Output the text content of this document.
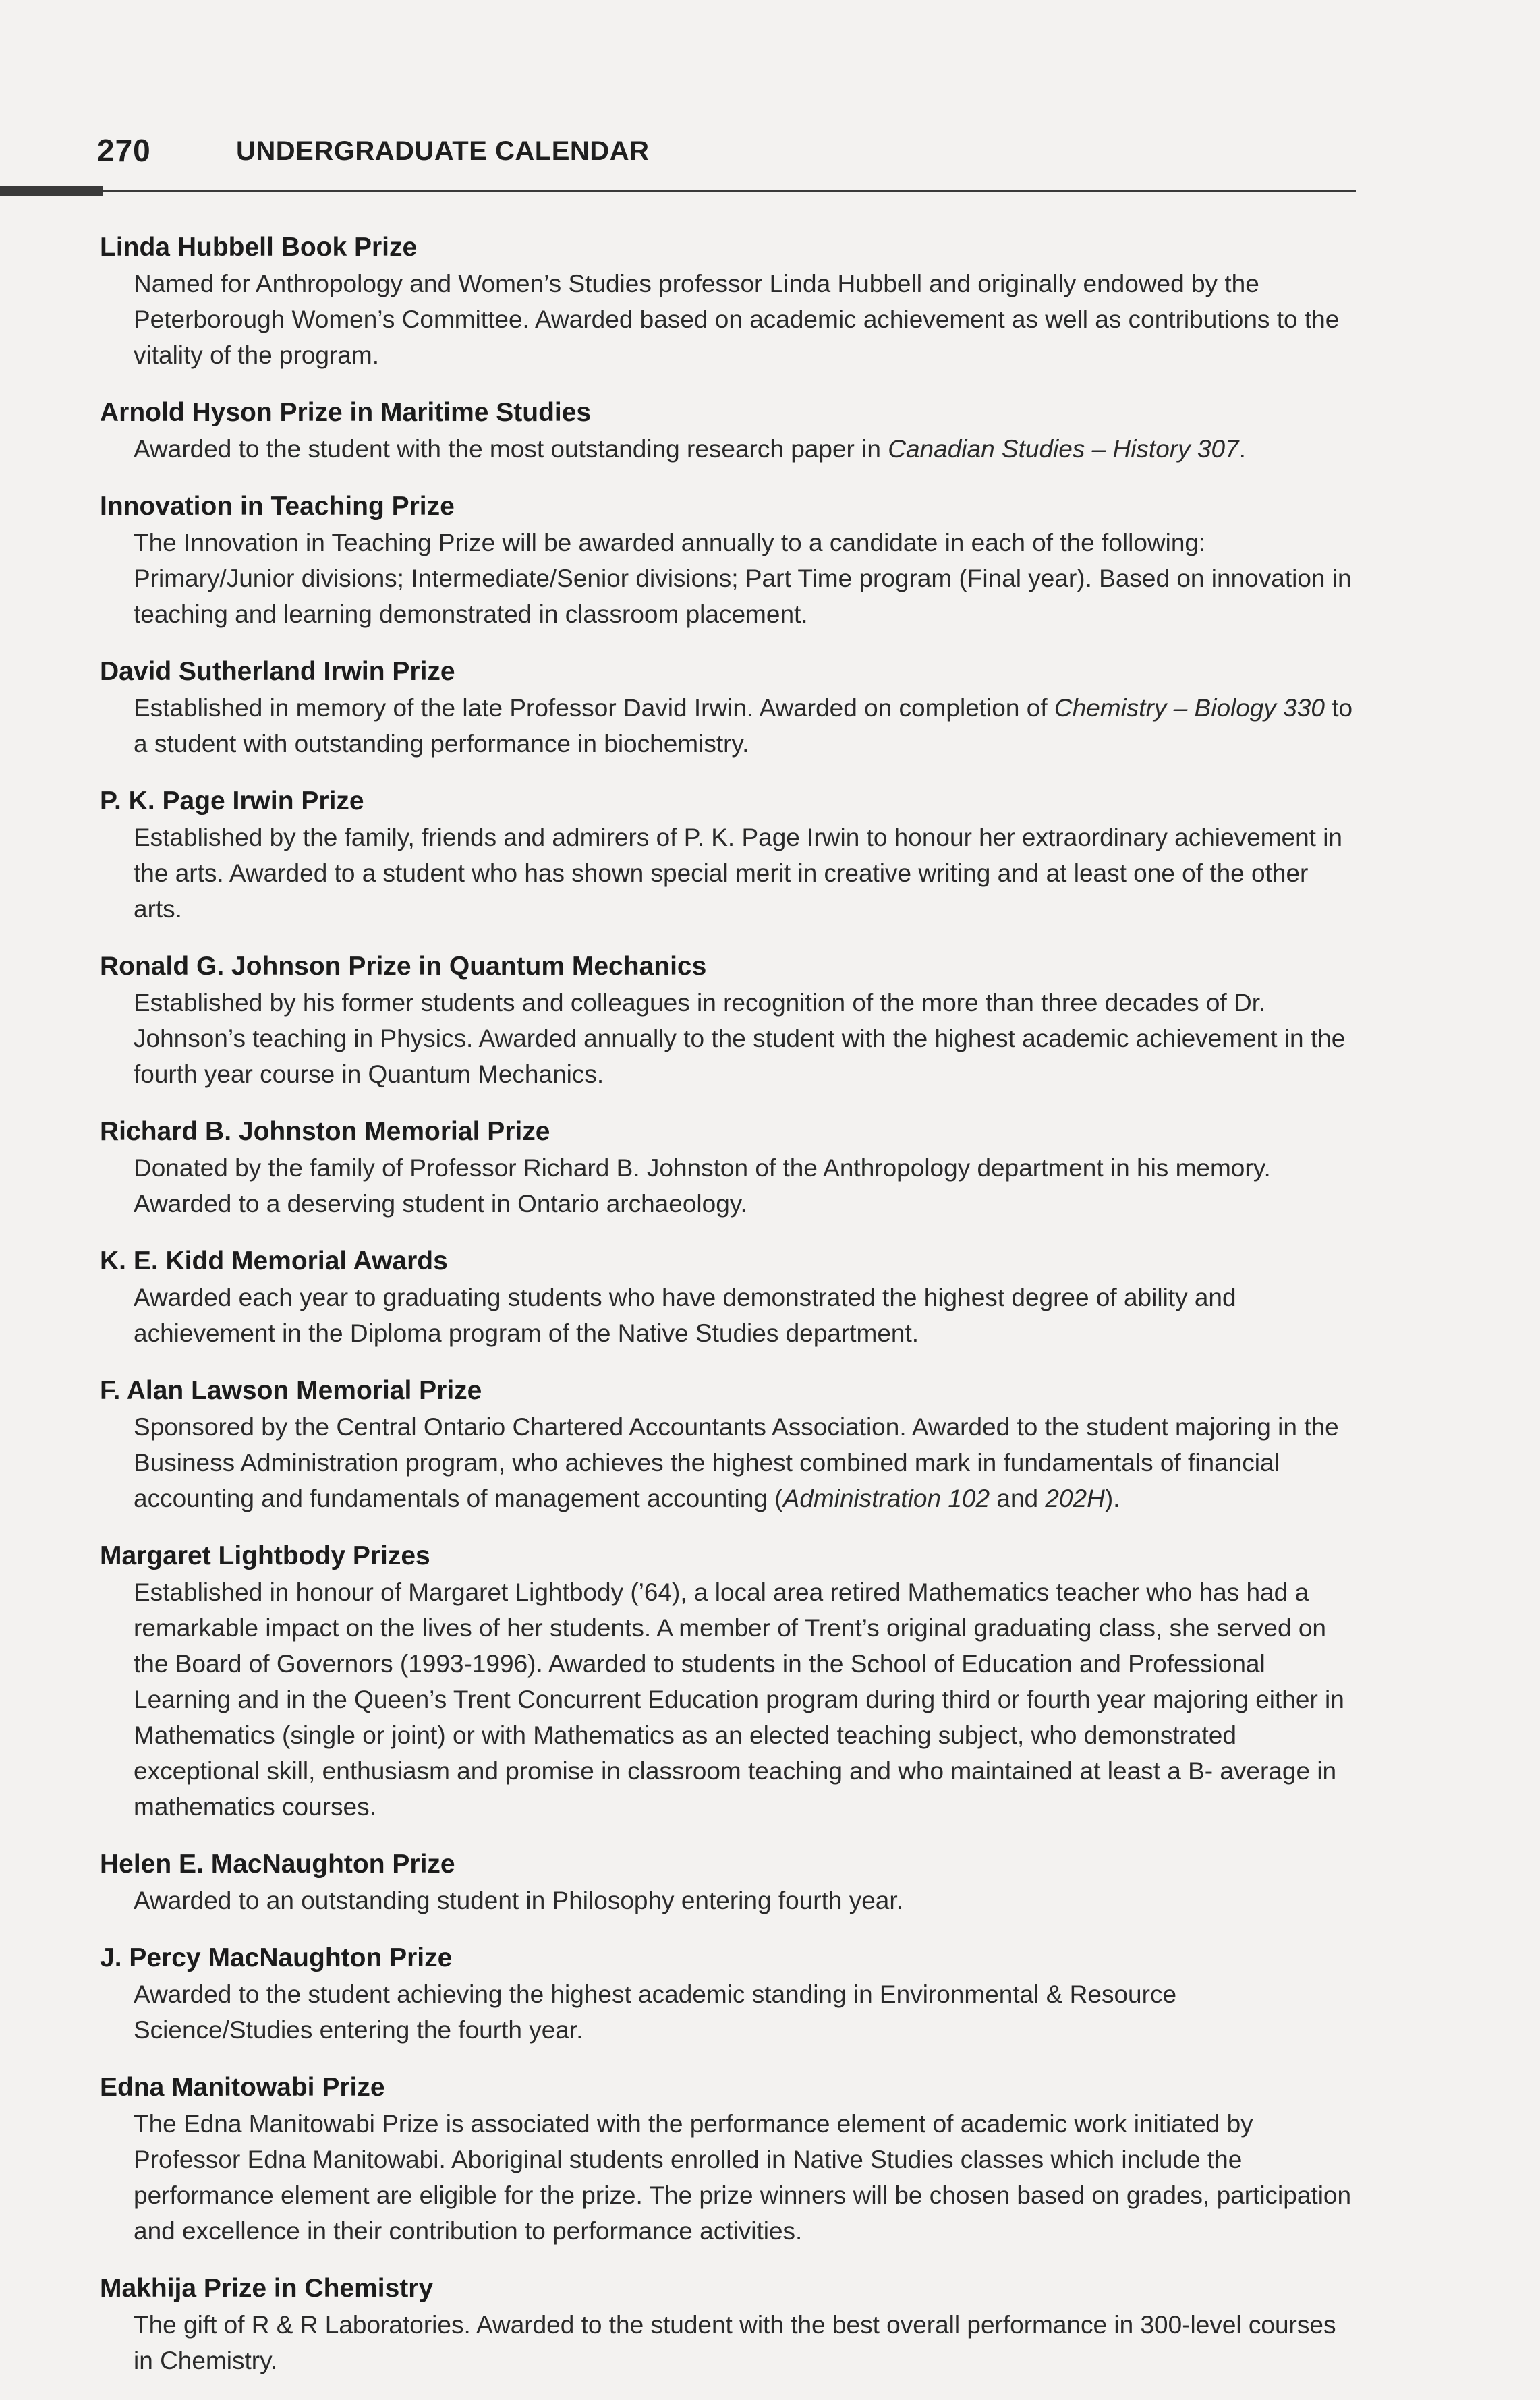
270	UNDERGRADUATE CALENDAR
Linda Hubbell Book Prize
Named for Anthropology and Women’s Studies professor Linda Hubbell and originally endowed by the Peterborough Women’s Committee. Awarded based on academic achievement as well as contributions to the vitality of the program.
Arnold Hyson Prize in Maritime Studies
Awarded to the student with the most outstanding research paper in Canadian Studies – History 307.
Innovation in Teaching Prize
The Innovation in Teaching Prize will be awarded annually to a candidate in each of the following: Primary/Junior divisions; Intermediate/Senior divisions; Part Time program (Final year). Based on innovation in teaching and learning demonstrated in classroom placement.
David Sutherland Irwin Prize
Established in memory of the late Professor David Irwin. Awarded on completion of Chemistry – Biology 330 to a student with outstanding performance in biochemistry.
P. K. Page Irwin Prize
Established by the family, friends and admirers of P. K. Page Irwin to honour her extraordinary achievement in the arts. Awarded to a student who has shown special merit in creative writing and at least one of the other arts.
Ronald G. Johnson Prize in Quantum Mechanics
Established by his former students and colleagues in recognition of the more than three decades of Dr. Johnson’s teaching in Physics. Awarded annually to the student with the highest academic achievement in the fourth year course in Quantum Mechanics.
Richard B. Johnston Memorial Prize
Donated by the family of Professor Richard B. Johnston of the Anthropology department in his memory. Awarded to a deserving student in Ontario archaeology.
K. E. Kidd Memorial Awards
Awarded each year to graduating students who have demonstrated the highest degree of ability and achievement in the Diploma program of the Native Studies department.
F. Alan Lawson Memorial Prize
Sponsored by the Central Ontario Chartered Accountants Association. Awarded to the student majoring in the Business Administration program, who achieves the highest combined mark in fundamentals of financial accounting and fundamentals of management accounting (Administration 102 and 202H).
Margaret Lightbody Prizes
Established in honour of Margaret Lightbody (’64), a local area retired Mathematics teacher who has had a remarkable impact on the lives of her students. A member of Trent’s original graduating class, she served on the Board of Governors (1993-1996). Awarded to students in the School of Education and Professional Learning and in the Queen’s Trent Concurrent Education program during third or fourth year majoring either in Mathematics (single or joint) or with Mathematics as an elected teaching subject, who demonstrated exceptional skill, enthusiasm and promise in classroom teaching and who maintained at least a B- average in mathematics courses.
Helen E. MacNaughton Prize
Awarded to an outstanding student in Philosophy entering fourth year.
J. Percy MacNaughton Prize
Awarded to the student achieving the highest academic standing in Environmental & Resource Science/Studies entering the fourth year.
Edna Manitowabi Prize
The Edna Manitowabi Prize is associated with the performance element of academic work initiated by Professor Edna Manitowabi. Aboriginal students enrolled in Native Studies classes which include the performance element are eligible for the prize. The prize winners will be chosen based on grades, participation and excellence in their contribution to performance activities.
Makhija Prize in Chemistry
The gift of R & R Laboratories. Awarded to the student with the best overall performance in 300-level courses in Chemistry.
